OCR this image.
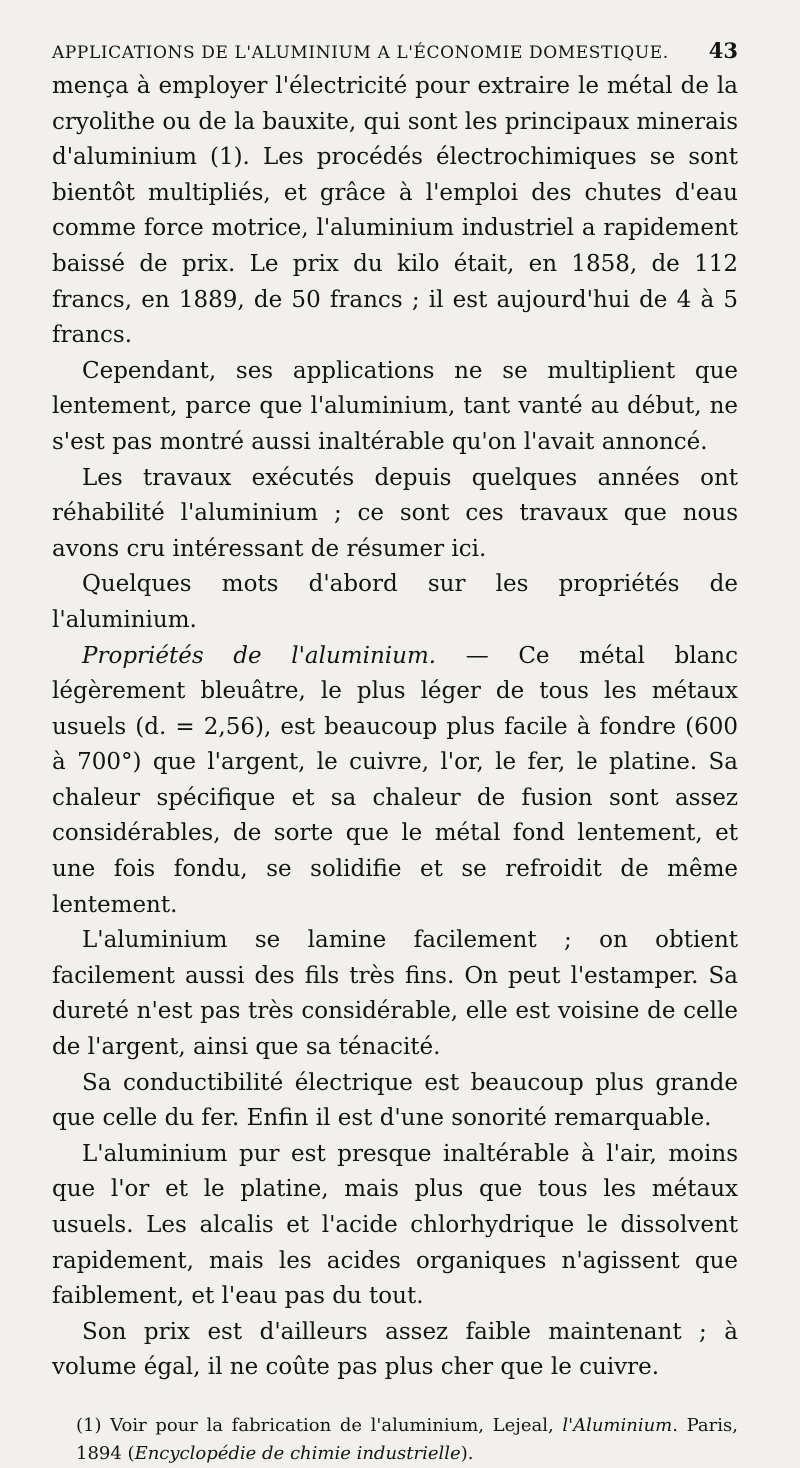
APPLICATIONS DE L'ALUMINIUM A L'ÉCONOMIE DOMESTIQUE. 43

mença à employer l'électricité pour extraire le métal de la cryolithe ou de la bauxite, qui sont les principaux minerais d'aluminium (1). Les procédés électrochimiques se sont bientôt multipliés, et grâce à l'emploi des chutes d'eau comme force motrice, l'aluminium industriel a rapidement baissé de prix. Le prix du kilo était, en 1858, de 112 francs, en 1889, de 50 francs ; il est aujourd'hui de 4 à 5 francs.

Cependant, ses applications ne se multiplient que lentement, parce que l'aluminium, tant vanté au début, ne s'est pas montré aussi inaltérable qu'on l'avait annoncé.

Les travaux exécutés depuis quelques années ont réhabilité l'aluminium ; ce sont ces travaux que nous avons cru intéressant de résumer ici.

Quelques mots d'abord sur les propriétés de l'aluminium.

Propriétés de l'aluminium. — Ce métal blanc légèrement bleuâtre, le plus léger de tous les métaux usuels (d. = 2,56), est beaucoup plus facile à fondre (600 à 700°) que l'argent, le cuivre, l'or, le fer, le platine. Sa chaleur spécifique et sa chaleur de fusion sont assez considérables, de sorte que le métal fond lentement, et une fois fondu, se solidifie et se refroidit de même lentement.

L'aluminium se lamine facilement ; on obtient facilement aussi des fils très fins. On peut l'estamper. Sa dureté n'est pas très considérable, elle est voisine de celle de l'argent, ainsi que sa ténacité.

Sa conductibilité électrique est beaucoup plus grande que celle du fer. Enfin il est d'une sonorité remarquable.

L'aluminium pur est presque inaltérable à l'air, moins que l'or et le platine, mais plus que tous les métaux usuels. Les alcalis et l'acide chlorhydrique le dissolvent rapidement, mais les acides organiques n'agissent que faiblement, et l'eau pas du tout.

Son prix est d'ailleurs assez faible maintenant ; à volume égal, il ne coûte pas plus cher que le cuivre.

(1) Voir pour la fabrication de l'aluminium, Lejeal, l'Aluminium. Paris, 1894 (Encyclopédie de chimie industrielle).
